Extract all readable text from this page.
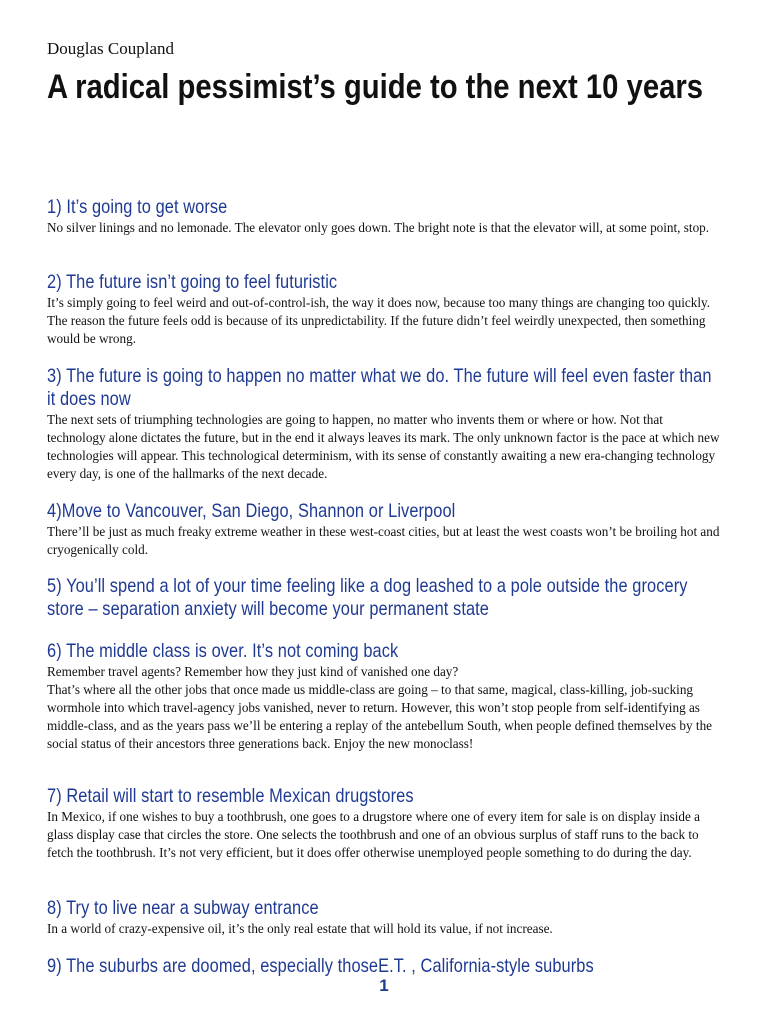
Douglas Coupland
A radical pessimist’s guide to the next 10 years
1) It’s going to get worse

No silver linings and no lemonade. The elevator only goes down. The bright note is that the elevator will, at some point, stop.

2) The future isn’t going to feel futuristic

It’s simply going to feel weird and out-of-control-ish, the way it does now, because too many things are changing too quickly. The reason the future feels odd is because of its unpredictability. If the future didn’t feel weirdly unexpected, then something would be wrong.

3) The future is going to happen no matter what we do. The future will feel even faster than it does now

The next sets of triumphing technologies are going to happen, no matter who invents them or where or how. Not that technology alone dictates the future, but in the end it always leaves its mark. The only unknown factor is the pace at which new technologies will appear. This technological determinism, with its sense of constantly awaiting a new era-changing technology every day, is one of the hallmarks of the next decade.

4)Move to Vancouver, San Diego, Shannon or Liverpool

There’ll be just as much freaky extreme weather in these west-coast cities, but at least the west coasts won’t be broiling hot and cryogenically cold.

5) You’ll spend a lot of your time feeling like a dog leashed to a pole outside the grocery store – separation anxiety will become your permanent state
6) The middle class is over. It’s not coming back

Remember travel agents? Remember how they just kind of vanished one day?

That’s where all the other jobs that once made us middle-class are going – to that same, magical, class-killing, job-sucking wormhole into which travel-agency jobs vanished, never to return. However, this won’t stop people from self-identifying as middle-class, and as the years pass we’ll be entering a replay of the antebellum South, when people defined themselves by the social status of their ancestors three generations back. Enjoy the new monoclass!

7) Retail will start to resemble Mexican drugstores

In Mexico, if one wishes to buy a toothbrush, one goes to a drugstore where one of every item for sale is on display inside a glass display case that circles the store. One selects the toothbrush and one of an obvious surplus of staff runs to the back to fetch the toothbrush. It’s not very efficient, but it does offer otherwise unemployed people something to do during the day.

8) Try to live near a subway entrance

In a world of crazy-expensive oil, it’s the only real estate that will hold its value, if not increase.

9) The suburbs are doomed, especially thoseE.T. , California-style suburbs
1
